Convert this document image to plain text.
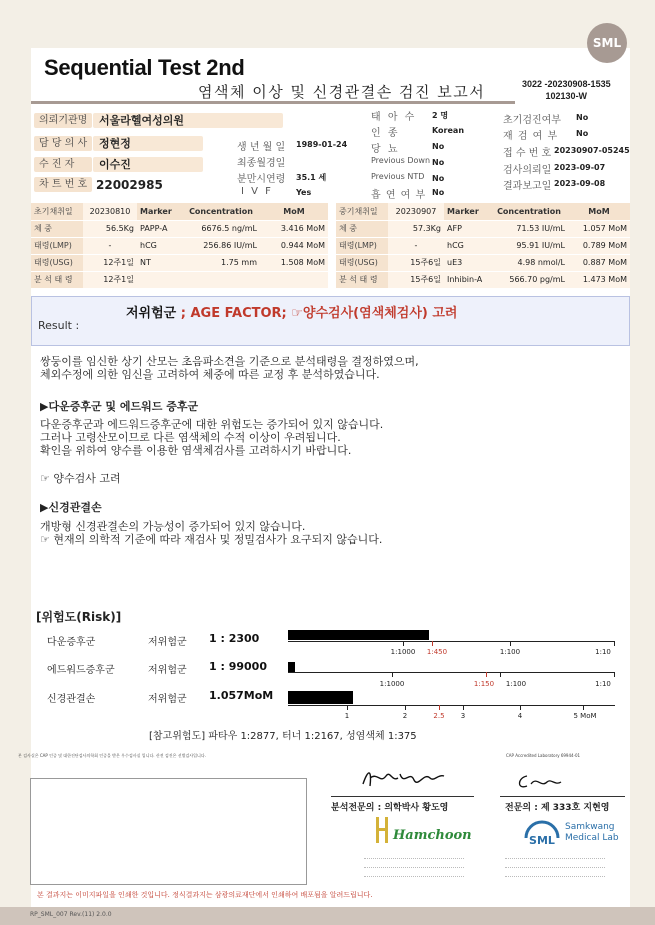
SML
Sequential Test 2nd
염색체 이상 및 신경관결손 검진 보고서	3022 -20230908-1535
102130-W
의뢰기관명	서울라헬여성의원
담 당 의 사	정현정
수 진 자	이수진
차 트 번 호 22002985
생 년 월 일 1989-01-24
최종월경일
분만시연령 35.1 세
I V F	Yes
태 아 수 2 명
인 종	Korean
당 뇨	No
Previous Down No
Previous NTD No
흡 연 여 부 No
초기검진여부 No
재 검 여 부 No
접 수 번 호 20230907-05245
검사의뢰일 2023-09-07
결과보고일 2023-09-08
초기채취일	20230810	Marker	Concentration	MoM
체 중	56.5Kg	PAPP-A	6676.5 ng/mL	3.416 MoM
태령(LMP)	-	hCG	256.86 IU/mL	0.944 MoM
태령(USG)	12주1일	NT	1.75 mm	1.508 MoM
분 석 태 령	12주1일			
중기채취일	20230907	Marker	Concentration	MoM
체 중	57.3Kg	AFP	71.53 IU/mL	1.057 MoM
태령(LMP)	-	hCG	95.91 IU/mL	0.789 MoM
태령(USG)	15주6일	uE3	4.98 nmol/L	0.887 MoM
분 석 태 령	15주6일	Inhibin-A	566.70 pg/mL	1.473 MoM
Result :
저위험군 ; AGE FACTOR; ☞양수검사(염색체검사) 고려
쌍둥이를 임신한 상기 산모는 초음파소견을 기준으로 분석태령을 결정하였으며,
체외수정에 의한 임신을 고려하여 체중에 따른 교정 후 분석하였습니다.
▶다운증후군 및 에드워드 증후군
다운증후군과 에드워드증후군에 대한 위험도는 증가되어 있지 않습니다.
그러나 고령산모이므로 다른 염색체의 수적 이상이 우려됩니다.
확인을 위하여 양수를 이용한 염색체검사를 고려하시기 바랍니다.
☞ 양수검사 고려
▶신경관결손
개방형 신경관결손의 가능성이 증가되어 있지 않습니다.
☞ 현재의 의학적 기준에 따라 재검사 및 정밀검사가 요구되지 않습니다.
[위험도(Risk)]
다운증후군	저위험군 1 : 2300
에드워드증후군	저위험군 1 : 99000
신경관결손	저위험군 1.057MoM
1:1000 1:450	1:100	1:10
1:1000	1:150 1:100	1:10
1	2	2.5 3	4	5 MoM
[참고위험도] 파타우 1:2877, 터너 1:2167, 성염색체 1:375
본 검사실은 CAP 인증 및 대한진단검사의학회 인증을 받은 우수검사실 입니다. 산전 검진은 선별검사입니다.	CAP Accredited Laboratory 69944-01
분석전문의 : 의학박사 황도영	전문의 : 제 333호 지현영
Hamchoon	SML
Samkwang
Medical Lab
본 결과지는 이미지파일을 인쇄한 것입니다. 정식결과지는 삼광의료재단에서 인쇄하여 배포됨을 알려드립니다.
RP_SML_007 Rev.(11) 2.0.0
